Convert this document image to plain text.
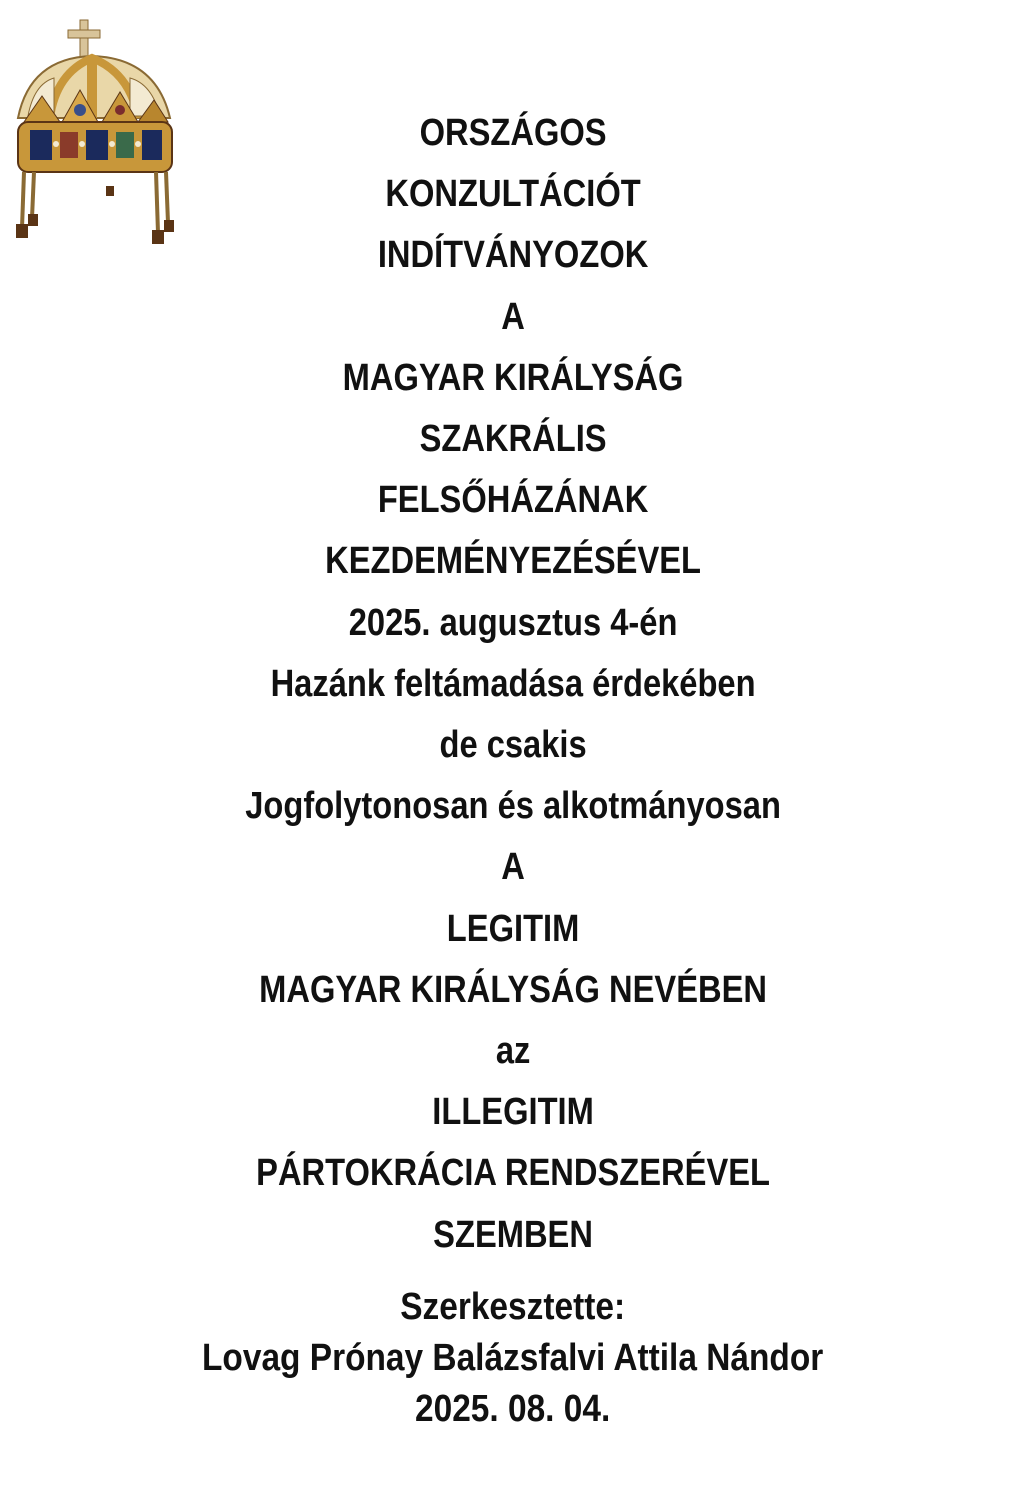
ORSZÁGOS
KONZULTÁCIÓT
INDÍTVÁNYOZOK
A
MAGYAR KIRÁLYSÁG
SZAKRÁLIS
FELSŐHÁZÁNAK
KEZDEMÉNYEZÉSÉVEL
2025. augusztus 4-én
Hazánk feltámadása érdekében
de csakis
Jogfolytonosan és alkotmányosan
A
LEGITIM
MAGYAR KIRÁLYSÁG NEVÉBEN
az
ILLEGITIM
PÁRTOKRÁCIA RENDSZERÉVEL
SZEMBEN
Szerkesztette:
Lovag Prónay Balázsfalvi Attila Nándor
2025. 08. 04.
